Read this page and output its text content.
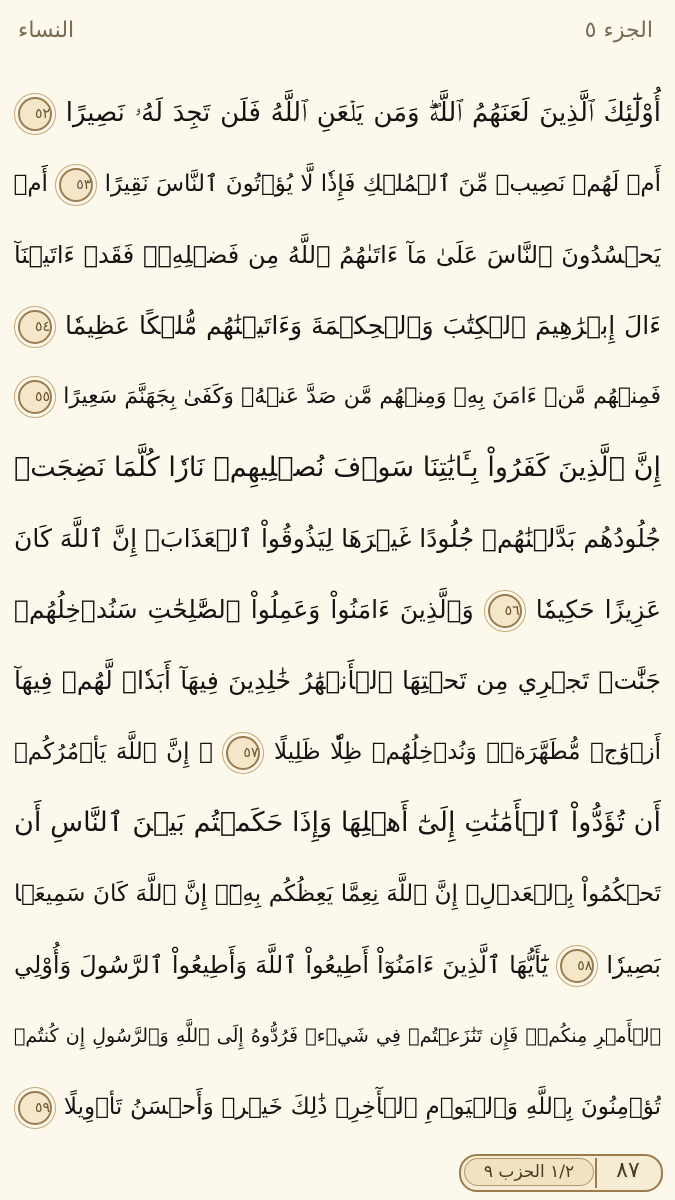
الجزء ٥
النساء
أُوْلَٰٓئِكَ ٱلَّذِينَ لَعَنَهُمُ ٱللَّهُۖ وَمَن يَلۡعَنِ ٱللَّهُ فَلَن تَجِدَ لَهُۥ نَصِيرًا ٥٢
أَمۡ لَهُمۡ نَصِيبٞ مِّنَ ٱلۡمُلۡكِ فَإِذٗا لَّا يُؤۡتُونَ ٱلنَّاسَ نَقِيرًا ٥٣ أَمۡ
يَحۡسُدُونَ ٱلنَّاسَ عَلَىٰ مَآ ءَاتَىٰهُمُ ٱللَّهُ مِن فَضۡلِهِۦۖ فَقَدۡ ءَاتَيۡنَآ
ءَالَ إِبۡرَٰهِيمَ ٱلۡكِتَٰبَ وَٱلۡحِكۡمَةَ وَءَاتَيۡنَٰهُم مُّلۡكًا عَظِيمٗا ٥٤
فَمِنۡهُم مَّنۡ ءَامَنَ بِهِۦ وَمِنۡهُم مَّن صَدَّ عَنۡهُۚ وَكَفَىٰ بِجَهَنَّمَ سَعِيرًا ٥٥
إِنَّ ٱلَّذِينَ كَفَرُواْ بِـَٔايَٰتِنَا سَوۡفَ نُصۡلِيهِمۡ نَارٗا كُلَّمَا نَضِجَتۡ
جُلُودُهُم بَدَّلۡنَٰهُمۡ جُلُودًا غَيۡرَهَا لِيَذُوقُواْ ٱلۡعَذَابَۗ إِنَّ ٱللَّهَ كَانَ
عَزِيزًا حَكِيمٗا ٥٦ وَٱلَّذِينَ ءَامَنُواْ وَعَمِلُواْ ٱلصَّٰلِحَٰتِ سَنُدۡخِلُهُمۡ
جَنَّٰتٖ تَجۡرِي مِن تَحۡتِهَا ٱلۡأَنۡهَٰرُ خَٰلِدِينَ فِيهَآ أَبَدٗاۖ لَّهُمۡ فِيهَآ
أَزۡوَٰجٞ مُّطَهَّرَةٞۖ وَنُدۡخِلُهُمۡ ظِلّٗا ظَلِيلًا ٥٧ ۞ إِنَّ ٱللَّهَ يَأۡمُرُكُمۡ
أَن تُؤَدُّواْ ٱلۡأَمَٰنَٰتِ إِلَىٰٓ أَهۡلِهَا وَإِذَا حَكَمۡتُم بَيۡنَ ٱلنَّاسِ أَن
تَحۡكُمُواْ بِٱلۡعَدۡلِۚ إِنَّ ٱللَّهَ نِعِمَّا يَعِظُكُم بِهِۦٓۗ إِنَّ ٱللَّهَ كَانَ سَمِيعَۢا
بَصِيرٗا ٥٨ يَٰٓأَيُّهَا ٱلَّذِينَ ءَامَنُوٓاْ أَطِيعُواْ ٱللَّهَ وَأَطِيعُواْ ٱلرَّسُولَ وَأُوْلِي
ٱلۡأَمۡرِ مِنكُمۡۖ فَإِن تَنَٰزَعۡتُمۡ فِي شَيۡءٖ فَرُدُّوهُ إِلَى ٱللَّهِ وَٱلرَّسُولِ إِن كُنتُمۡ
تُؤۡمِنُونَ بِٱللَّهِ وَٱلۡيَوۡمِ ٱلۡأٓخِرِۚ ذَٰلِكَ خَيۡرٞ وَأَحۡسَنُ تَأۡوِيلًا ٥٩
٨٧
١/٢ الحزب ٩
